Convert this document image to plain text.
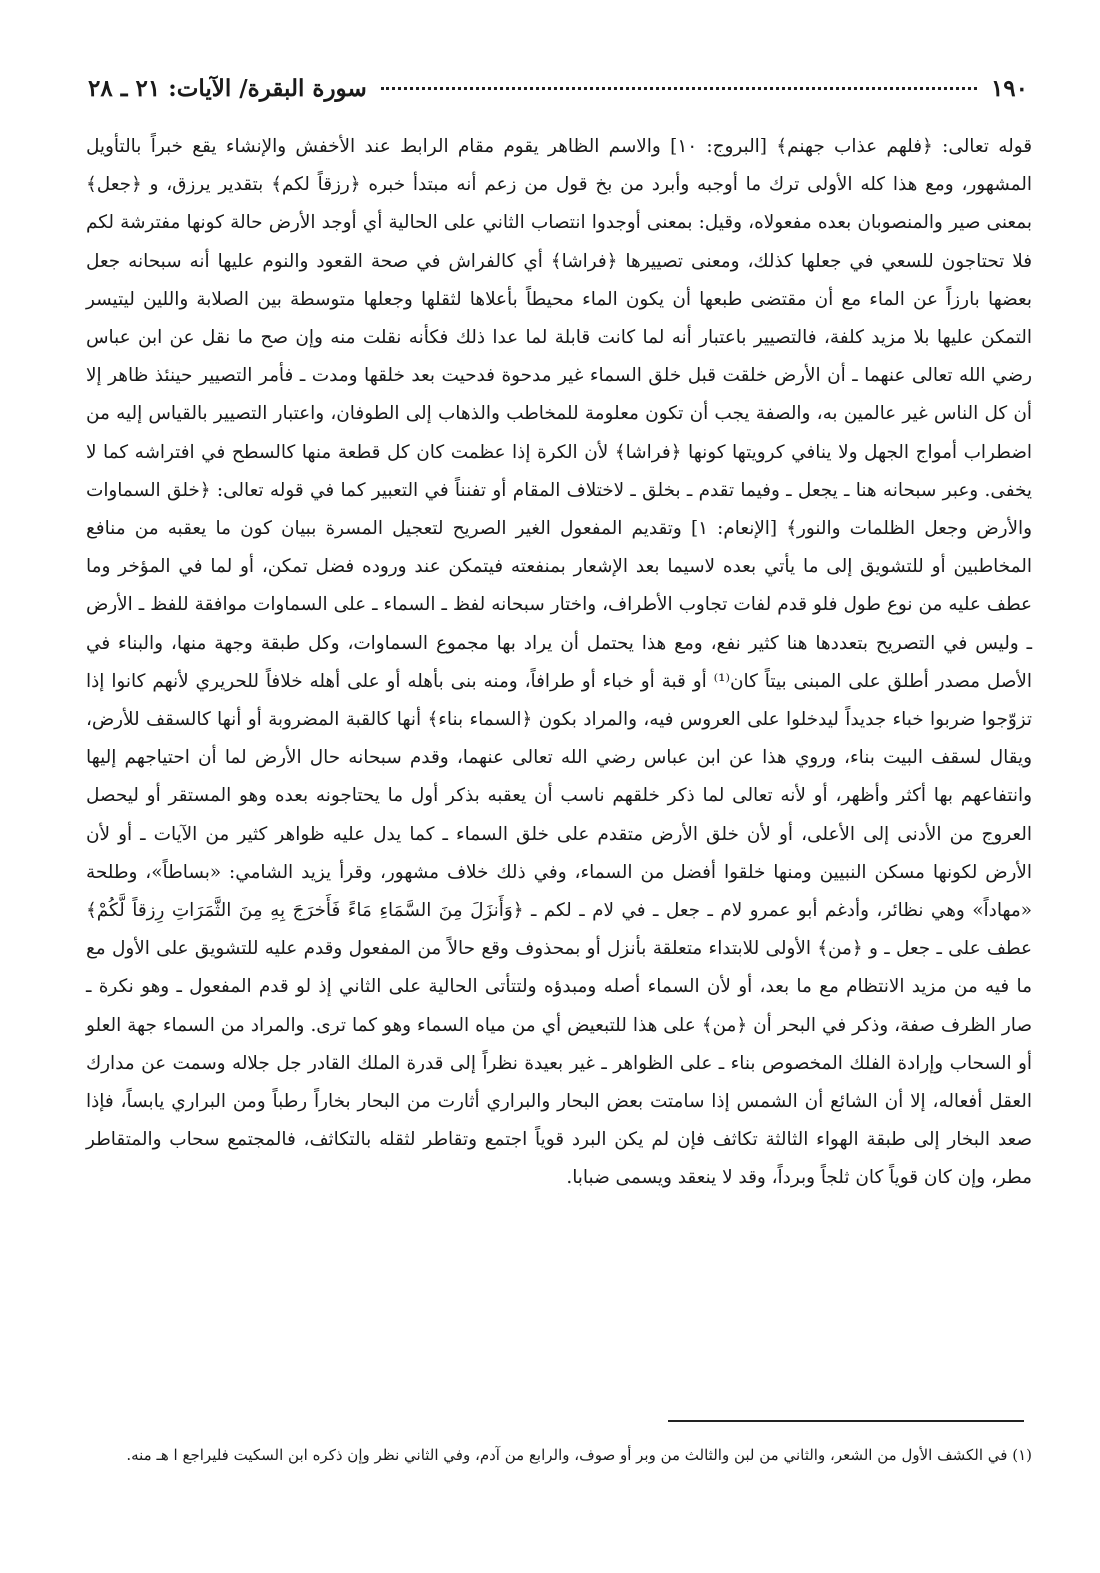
١٩٠
سورة البقرة/ الآيات: ٢١ ـ ٢٨

قوله تعالى: ﴿فلهم عذاب جهنم﴾ [البروج: ١٠] والاسم الظاهر يقوم مقام الرابط عند الأخفش والإنشاء يقع خبراً بالتأويل المشهور، ومع هذا كله الأولى ترك ما أوجبه وأبرد من بخ قول من زعم أنه مبتدأ خبره ﴿رزقاً لكم﴾ بتقدير يرزق، و ﴿جعل﴾ بمعنى صير والمنصوبان بعده مفعولاه، وقيل: بمعنى أوجدوا انتصاب الثاني على الحالية أي أوجد الأرض حالة كونها مفترشة لكم فلا تحتاجون للسعي في جعلها كذلك، ومعنى تصييرها ﴿فراشا﴾ أي كالفراش في صحة القعود والنوم عليها أنه سبحانه جعل بعضها بارزاً عن الماء مع أن مقتضى طبعها أن يكون الماء محيطاً بأعلاها لثقلها وجعلها متوسطة بين الصلابة واللين ليتيسر التمكن عليها بلا مزيد كلفة، فالتصيير باعتبار أنه لما كانت قابلة لما عدا ذلك فكأنه نقلت منه وإن صح ما نقل عن ابن عباس رضي الله تعالى عنهما ـ أن الأرض خلقت قبل خلق السماء غير مدحوة فدحيت بعد خلقها ومدت ـ فأمر التصيير حينئذ ظاهر إلا أن كل الناس غير عالمين به، والصفة يجب أن تكون معلومة للمخاطب والذهاب إلى الطوفان، واعتبار التصيير بالقياس إليه من اضطراب أمواج الجهل ولا ينافي كرويتها كونها ﴿فراشا﴾ لأن الكرة إذا عظمت كان كل قطعة منها كالسطح في افتراشه كما لا يخفى. وعبر سبحانه هنا ـ يجعل ـ وفيما تقدم ـ بخلق ـ لاختلاف المقام أو تفنناً في التعبير كما في قوله تعالى: ﴿خلق السماوات والأرض وجعل الظلمات والنور﴾ [الإنعام: ١] وتقديم المفعول الغير الصريح لتعجيل المسرة ببيان كون ما يعقبه من منافع المخاطبين أو للتشويق إلى ما يأتي بعده لاسيما بعد الإشعار بمنفعته فيتمكن عند وروده فضل تمكن، أو لما في المؤخر وما عطف عليه من نوع طول فلو قدم لفات تجاوب الأطراف، واختار سبحانه لفظ ـ السماء ـ على السماوات موافقة للفظ ـ الأرض ـ وليس في التصريح بتعددها هنا كثير نفع، ومع هذا يحتمل أن يراد بها مجموع السماوات، وكل طبقة وجهة منها، والبناء في الأصل مصدر أطلق على المبنى بيتاً كان⁽¹⁾ أو قبة أو خباء أو طرافاً، ومنه بنى بأهله أو على أهله خلافاً للحريري لأنهم كانوا إذا تزوّجوا ضربوا خباء جديداً ليدخلوا على العروس فيه، والمراد بكون ﴿السماء بناء﴾ أنها كالقبة المضروبة أو أنها كالسقف للأرض، ويقال لسقف البيت بناء، وروي هذا عن ابن عباس رضي الله تعالى عنهما، وقدم سبحانه حال الأرض لما أن احتياجهم إليها وانتفاعهم بها أكثر وأظهر، أو لأنه تعالى لما ذكر خلقهم ناسب أن يعقبه بذكر أول ما يحتاجونه بعده وهو المستقر أو ليحصل العروج من الأدنى إلى الأعلى، أو لأن خلق الأرض متقدم على خلق السماء ـ كما يدل عليه ظواهر كثير من الآيات ـ أو لأن الأرض لكونها مسكن النبيين ومنها خلقوا أفضل من السماء، وفي ذلك خلاف مشهور، وقرأ يزيد الشامي: «بساطاً»، وطلحة «مهاداً» وهي نظائر، وأدغم أبو عمرو لام ـ جعل ـ في لام ـ لكم ـ ﴿وَأَنزَلَ مِنَ السَّمَاءِ مَاءً فَأَخرَجَ بِهِ مِنَ الثَّمَرَاتِ رِزقاً لَّكُمْ﴾ عطف على ـ جعل ـ و ﴿من﴾ الأولى للابتداء متعلقة بأنزل أو بمحذوف وقع حالاً من المفعول وقدم عليه للتشويق على الأول مع ما فيه من مزيد الانتظام مع ما بعد، أو لأن السماء أصله ومبدؤه ولتتأتى الحالية على الثاني إذ لو قدم المفعول ـ وهو نكرة ـ صار الظرف صفة، وذكر في البحر أن ﴿من﴾ على هذا للتبعيض أي من مياه السماء وهو كما ترى. والمراد من السماء جهة العلو أو السحاب وإرادة الفلك المخصوص بناء ـ على الظواهر ـ غير بعيدة نظراً إلى قدرة الملك القادر جل جلاله وسمت عن مدارك العقل أفعاله، إلا أن الشائع أن الشمس إذا سامتت بعض البحار والبراري أثارت من البحار بخاراً رطباً ومن البراري يابساً، فإذا صعد البخار إلى طبقة الهواء الثالثة تكاثف فإن لم يكن البرد قوياً اجتمع وتقاطر لثقله بالتكاثف، فالمجتمع سحاب والمتقاطر مطر، وإن كان قوياً كان ثلجاً وبرداً، وقد لا ينعقد ويسمى ضبابا.

(١) في الكشف الأول من الشعر، والثاني من لبن والثالث من وبر أو صوف، والرابع من آدم، وفي الثاني نظر وإن ذكره ابن السكيت فليراجع ا هـ منه.
